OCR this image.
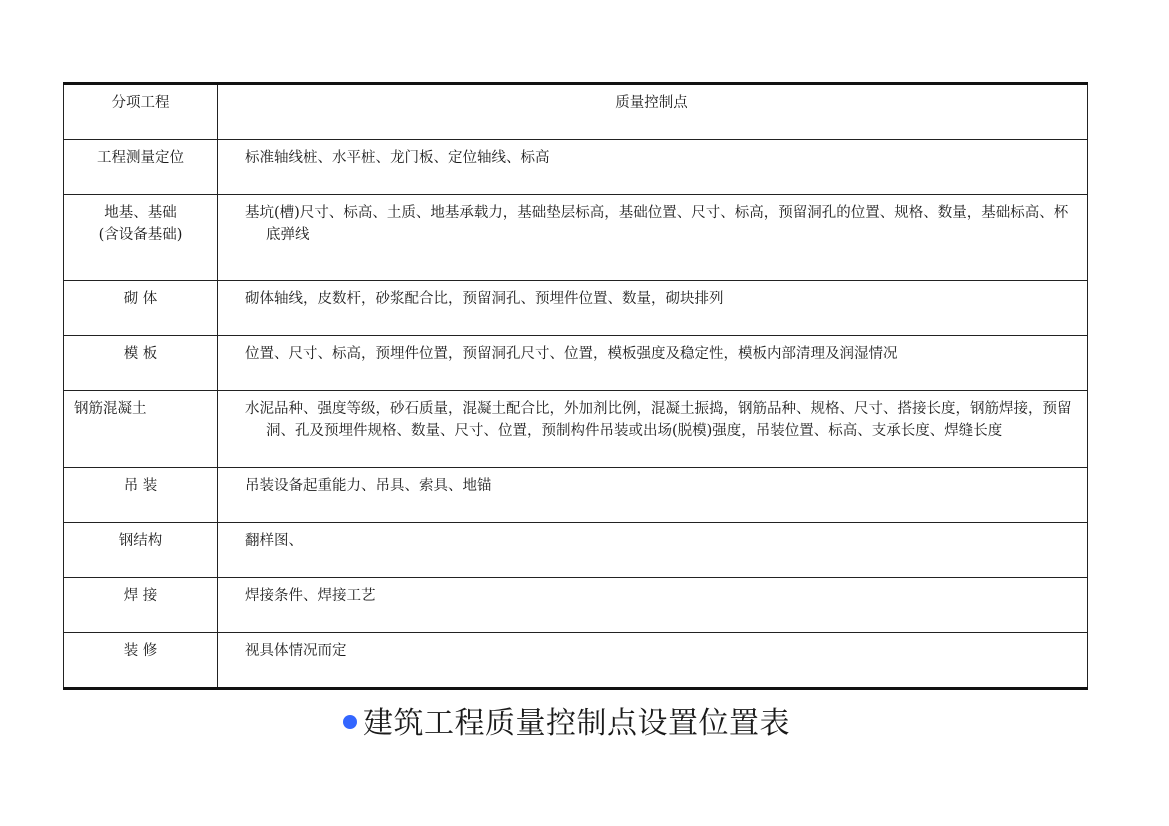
分项工程	质量控制点
工程测量定位	标准轴线桩、水平桩、龙门板、定位轴线、标高

地基、基础
(含设备基础)	基坑(槽)尺寸、标高、土质、地基承载力，基础垫层标高，基础位置、尺寸、标高，预留洞孔的位置、规格、数量，基础标高、杯底弹线

砌 体	砌体轴线，皮数杆，砂浆配合比，预留洞孔、预埋件位置、数量，砌块排列

模 板	位置、尺寸、标高，预埋件位置，预留洞孔尺寸、位置，模板强度及稳定性，模板内部清理及润湿情况

钢筋混凝土	水泥品种、强度等级，砂石质量，混凝土配合比，外加剂比例，混凝土振捣，钢筋品种、规格、尺寸、搭接长度，钢筋焊接，预留洞、孔及预埋件规格、数量、尺寸、位置，预制构件吊装或出场(脱模)强度，吊装位置、标高、支承长度、焊缝长度

吊 装	吊装设备起重能力、吊具、索具、地锚

钢结构	翻样图、

焊 接	焊接条件、焊接工艺

装 修	视具体情况而定
建筑工程质量控制点设置位置表
